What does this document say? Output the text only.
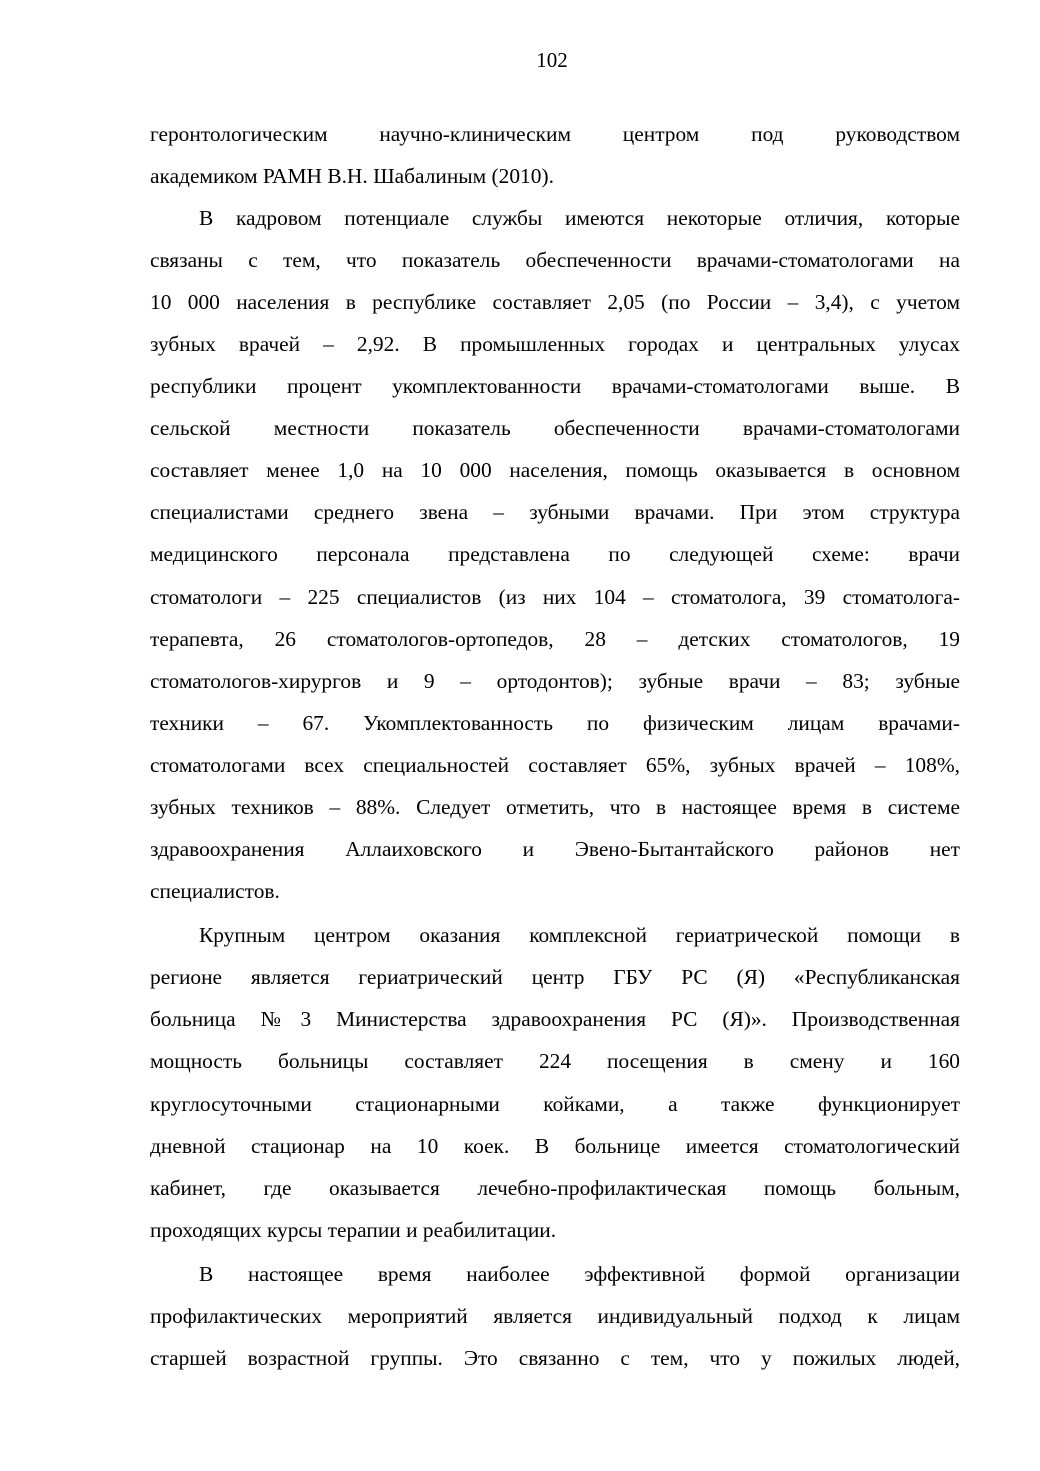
102
геронтологическим научно-клиническим центром под руководством
академиком РАМН В.Н. Шабалиным (2010).
В кадровом потенциале службы имеются некоторые отличия, которые
связаны с тем, что показатель обеспеченности врачами-стоматологами на
10 000 населения в республике составляет 2,05 (по России – 3,4), с учетом
зубных врачей – 2,92. В промышленных городах и центральных улусах
республики процент укомплектованности врачами-стоматологами выше. В
сельской местности показатель обеспеченности врачами-стоматологами
составляет менее 1,0 на 10 000 населения, помощь оказывается в основном
специалистами среднего звена – зубными врачами. При этом структура
медицинского персонала представлена по следующей схеме: врачи
стоматологи – 225 специалистов (из них 104 – стоматолога, 39 стоматолога-
терапевта, 26 стоматологов-ортопедов, 28 – детских стоматологов, 19
стоматологов-хирургов и 9 – ортодонтов); зубные врачи – 83; зубные
техники – 67. Укомплектованность по физическим лицам врачами-
стоматологами всех специальностей составляет 65%, зубных врачей – 108%,
зубных техников – 88%. Следует отметить, что в настоящее время в системе
здравоохранения Аллаиховского и Эвено-Бытантайского районов нет
специалистов.
Крупным центром оказания комплексной гериатрической помощи в
регионе является гериатрический центр ГБУ РС (Я) «Республиканская
больница №3 Министерства здравоохранения РС (Я)». Производственная
мощность больницы составляет 224 посещения в смену и 160
круглосуточными стационарными койками, а также функционирует
дневной стационар на 10 коек. В больнице имеется стоматологический
кабинет, где оказывается лечебно-профилактическая помощь больным,
проходящих курсы терапии и реабилитации.
В настоящее время наиболее эффективной формой организации
профилактических мероприятий является индивидуальный подход к лицам
старшей возрастной группы. Это связанно с тем, что у пожилых людей,
